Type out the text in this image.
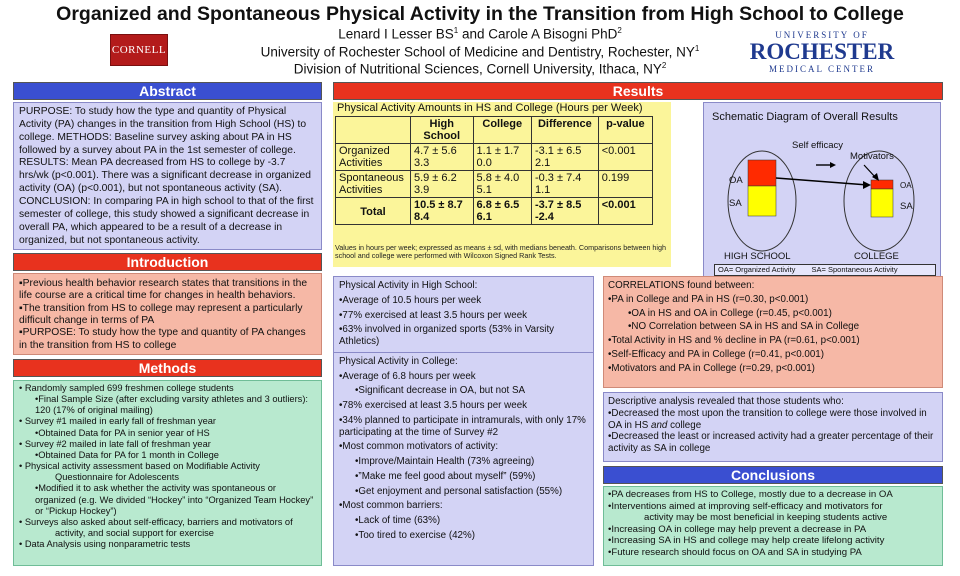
Organized and Spontaneous Physical Activity in the Transition from High School to College
Lenard I Lesser $BS^1$ and Carole A Bisogni PhD$^2$
University of Rochester School of Medicine and Dentistry, Rochester, $NY^1$
Division of Nutritional Sciences, Cornell University, Ithaca, $NY^2$
CORNELL
UNIVERSITY OF
ROCHESTER
MEDICAL CENTER
Abstract

PURPOSE: To study how the type and quantity of Physical Activity (PA) changes in the transition from High School (HS) to college. METHODS: Baseline survey asking about PA in HS followed by a survey about PA in the 1st semester of college. RESULTS: Mean PA decreased from HS to college by -3.7 hrs/wk (p<0.001). There was a significant decrease in organized activity (OA) (p<0.001), but not spontaneous activity (SA). CONCLUSION: In comparing PA in high school to that of the first semester of college, this study showed a significant decrease in overall PA, which appeared to be a result of a decrease in organized, but not spontaneous activity.

Introduction

▪Previous health behavior research states that transitions in the life course are a critical time for changes in health behaviors.

▪The transition from HS to college may represent a particularly difficult change in terms of PA

▪PURPOSE: To study how the type and quantity of PA changes in the transition from HS to college

Methods

• Randomly sampled 699 freshmen college students

•Final Sample Size (after excluding varsity athletes and 3 outliers): 120 (17% of original mailing)

• Survey #1 mailed in early fall of freshman year

•Obtained Data for PA in senior year of HS

• Survey #2 mailed in late fall of freshman year

•Obtained Data for PA for 1 month in College

• Physical activity assessment based on Modifiable Activity

Questionnaire for Adolescents

•Modified it to ask whether the activity was spontaneous or organized (e.g. We divided “Hockey” into “Organized Team Hockey” or “Pickup Hockey”)

• Surveys also asked about self-efficacy, barriers and motivators of

activity, and social support for exercise

• Data Analysis using nonparametric tests

Results
Physical Activity Amounts in HS and College (Hours per Week)
	High School	College	Difference	p-value
Organized Activities	4.7 ± 5.6 3.3	1.1 ± 1.7 0.0	-3.1 ± 6.5 2.1	<0.001
Spontaneous Activities	5.9 ± 6.2 3.9	5.8 ± 4.0 5.1	-0.3 ± 7.4 1.1	0.199
Total	10.5 ± 8.7 8.4	6.8 ± 6.5 6.1	-3.7 ± 8.5 -2.4	<0.001
Values in hours per week; expressed as means ± sd, with medians beneath. Comparisons between high school and college were performed with Wilcoxon Signed Rank Tests.
Schematic Diagram of Overall Results
Self efficacy
Motivators
OA
SA
OA
SA
HIGH SCHOOL	COLLEGE
OA= Organized Activity SA= Spontaneous Activity

Physical Activity in High School:

•Average of 10.5 hours per week

•77% exercised at least 3.5 hours per week

•63% involved in organized sports (53% in Varsity Athletics)

Physical Activity in College:

•Average of 6.8 hours per week

•Significant decrease in OA, but not SA

•78% exercised at least 3.5 hours per week

•34% planned to participate in intramurals, with only 17% participating at the time of Survey #2

•Most common motivators of activity:

•Improve/Maintain Health (73% agreeing)

•”Make me feel good about myself” (59%)

•Get enjoyment and personal satisfaction (55%)

•Most common barriers:

•Lack of time (63%)

•Too tired to exercise (42%)

CORRELATIONS found between:

•PA in College and PA in HS (r=0.30, p<0.001)

•OA in HS and OA in College (r=0.45, p<0.001)

•NO Correlation between SA in HS and SA in College

•Total Activity in HS and % decline in PA (r=0.61, p<0.001)

•Self-Efficacy and PA in College (r=0.41, p<0.001)

•Motivators and PA in College (r=0.29, p<0.001)

Descriptive analysis revealed that those students who:

•Decreased the most upon the transition to college were those involved in OA in HS and college

•Decreased the least or increased activity had a greater percentage of their activity as SA in college

Conclusions

•PA decreases from HS to College, mostly due to a decrease in OA

•Interventions aimed at improving self-efficacy and motivators for

activity may be most beneficial in keeping students active

•Increasing OA in college may help prevent a decrease in PA

•Increasing SA in HS and college may help create lifelong activity

•Future research should focus on OA and SA in studying PA
